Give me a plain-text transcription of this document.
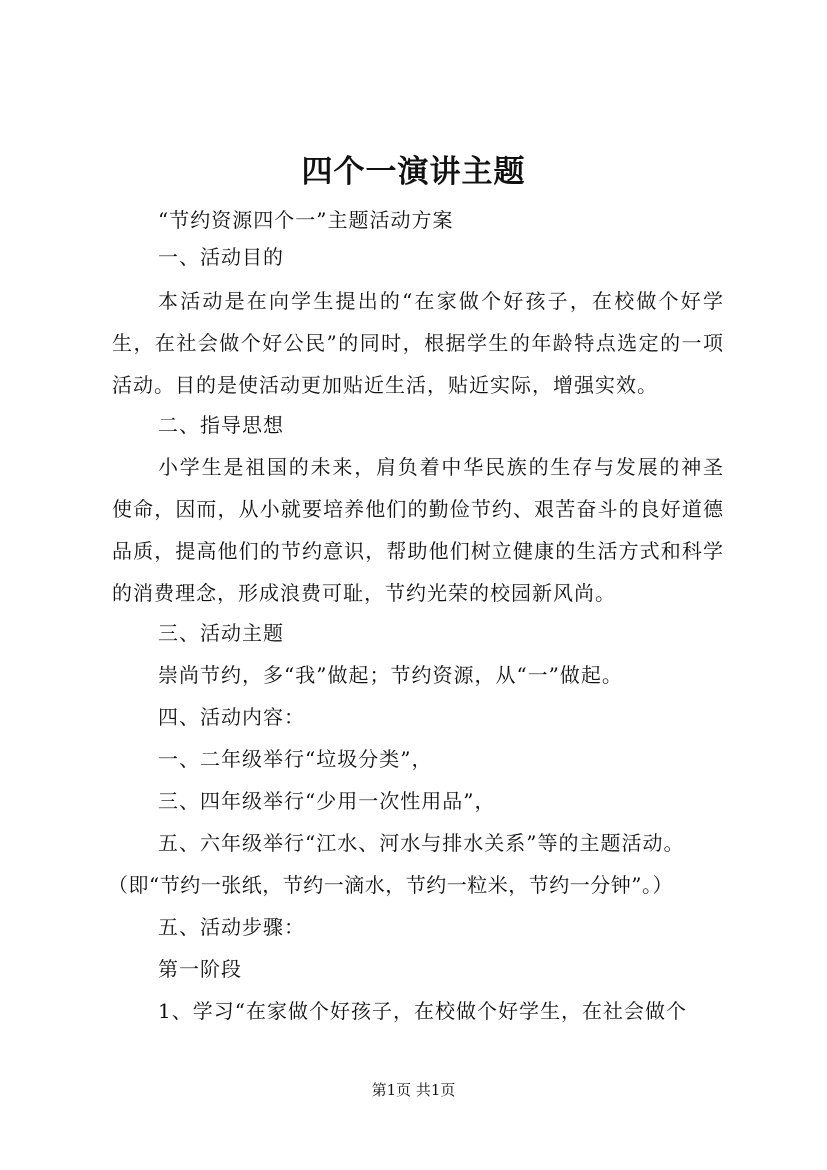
四个一演讲主题

“节约资源四个一”主题活动方案

一、活动目的

本活动是在向学生提出的“在家做个好孩子，在校做个好学生，在社会做个好公民”的同时，根据学生的年龄特点选定的一项活动。目的是使活动更加贴近生活，贴近实际，增强实效。

二、指导思想

小学生是祖国的未来，肩负着中华民族的生存与发展的神圣使命，因而，从小就要培养他们的勤俭节约、艰苦奋斗的良好道德品质，提高他们的节约意识，帮助他们树立健康的生活方式和科学的消费理念，形成浪费可耻，节约光荣的校园新风尚。

三、活动主题

崇尚节约，多“我”做起；节约资源，从“一”做起。

四、活动内容：

一、二年级举行“垃圾分类”，

三、四年级举行“少用一次性用品”，

五、六年级举行“江水、河水与排水关系”等的主题活动。

（即“节约一张纸，节约一滴水，节约一粒米，节约一分钟”。）

五、活动步骤：

第一阶段

1、学习“在家做个好孩子，在校做个好学生，在社会做个

第1页 共1页
